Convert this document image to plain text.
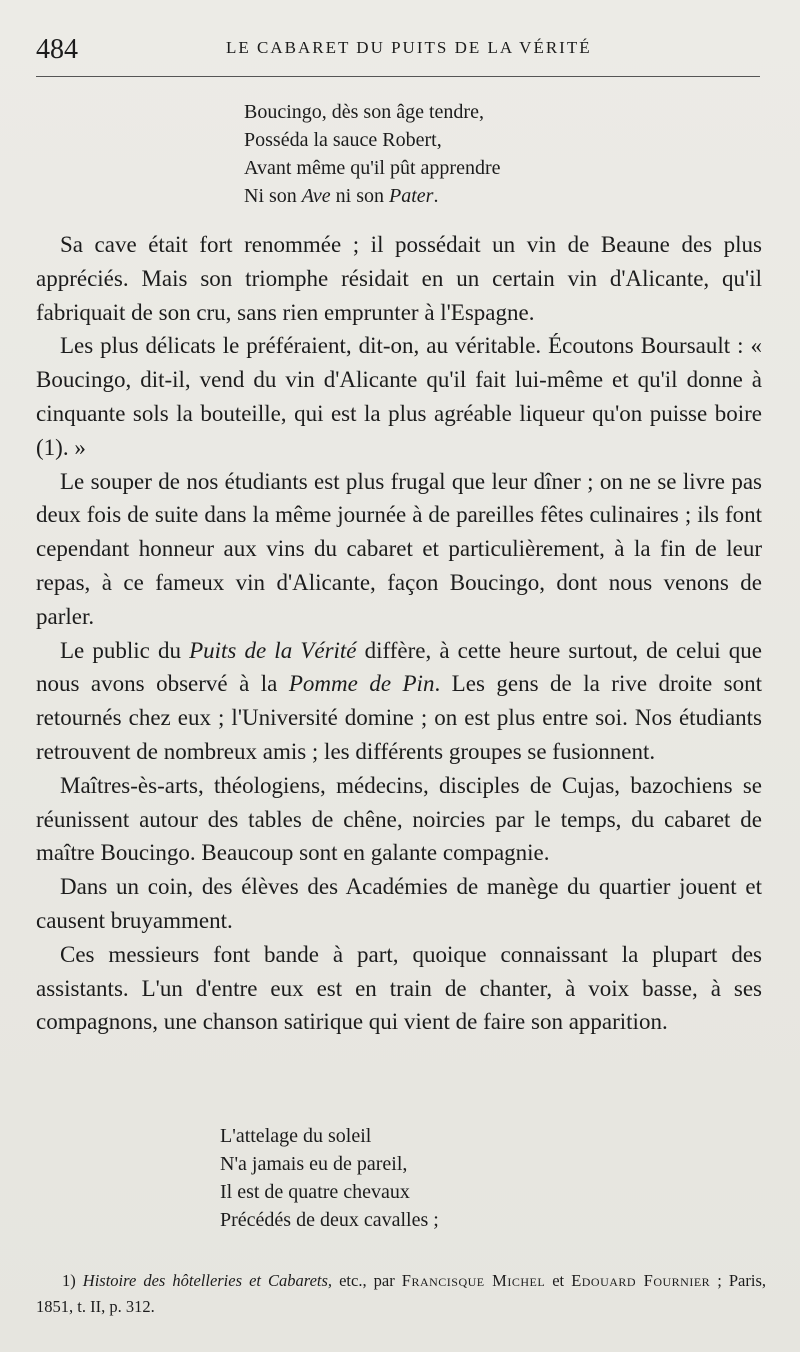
484	LE CABARET DU PUITS DE LA VÉRITÉ
Boucingo, dès son âge tendre,
Posséda la sauce Robert,
Avant même qu'il pût apprendre
Ni son Ave ni son Pater.

Sa cave était fort renommée ; il possédait un vin de Beaune des plus appréciés. Mais son triomphe résidait en un certain vin d'Alicante, qu'il fabriquait de son cru, sans rien emprunter à l'Espagne.

Les plus délicats le préféraient, dit-on, au véritable. Écoutons Boursault : « Boucingo, dit-il, vend du vin d'Alicante qu'il fait lui-même et qu'il donne à cinquante sols la bouteille, qui est la plus agréable liqueur qu'on puisse boire (1). »

Le souper de nos étudiants est plus frugal que leur dîner ; on ne se livre pas deux fois de suite dans la même journée à de pareilles fêtes culinaires ; ils font cependant honneur aux vins du cabaret et particulièrement, à la fin de leur repas, à ce fameux vin d'Alicante, façon Boucingo, dont nous venons de parler.

Le public du Puits de la Vérité diffère, à cette heure surtout, de celui que nous avons observé à la Pomme de Pin. Les gens de la rive droite sont retournés chez eux ; l'Université domine ; on est plus entre soi. Nos étudiants retrouvent de nombreux amis ; les différents groupes se fusionnent.

Maîtres-ès-arts, théologiens, médecins, disciples de Cujas, bazochiens se réunissent autour des tables de chêne, noircies par le temps, du cabaret de maître Boucingo. Beaucoup sont en galante compagnie.

Dans un coin, des élèves des Académies de manège du quartier jouent et causent bruyamment.

Ces messieurs font bande à part, quoique connaissant la plupart des assistants. L'un d'entre eux est en train de chanter, à voix basse, à ses compagnons, une chanson satirique qui vient de faire son apparition.

L'attelage du soleil
N'a jamais eu de pareil,
Il est de quatre chevaux
Précédés de deux cavalles ;

1) Histoire des hôtelleries et Cabarets, etc., par Francisque Michel et Edouard Fournier ; Paris, 1851, t. II, p. 312.
